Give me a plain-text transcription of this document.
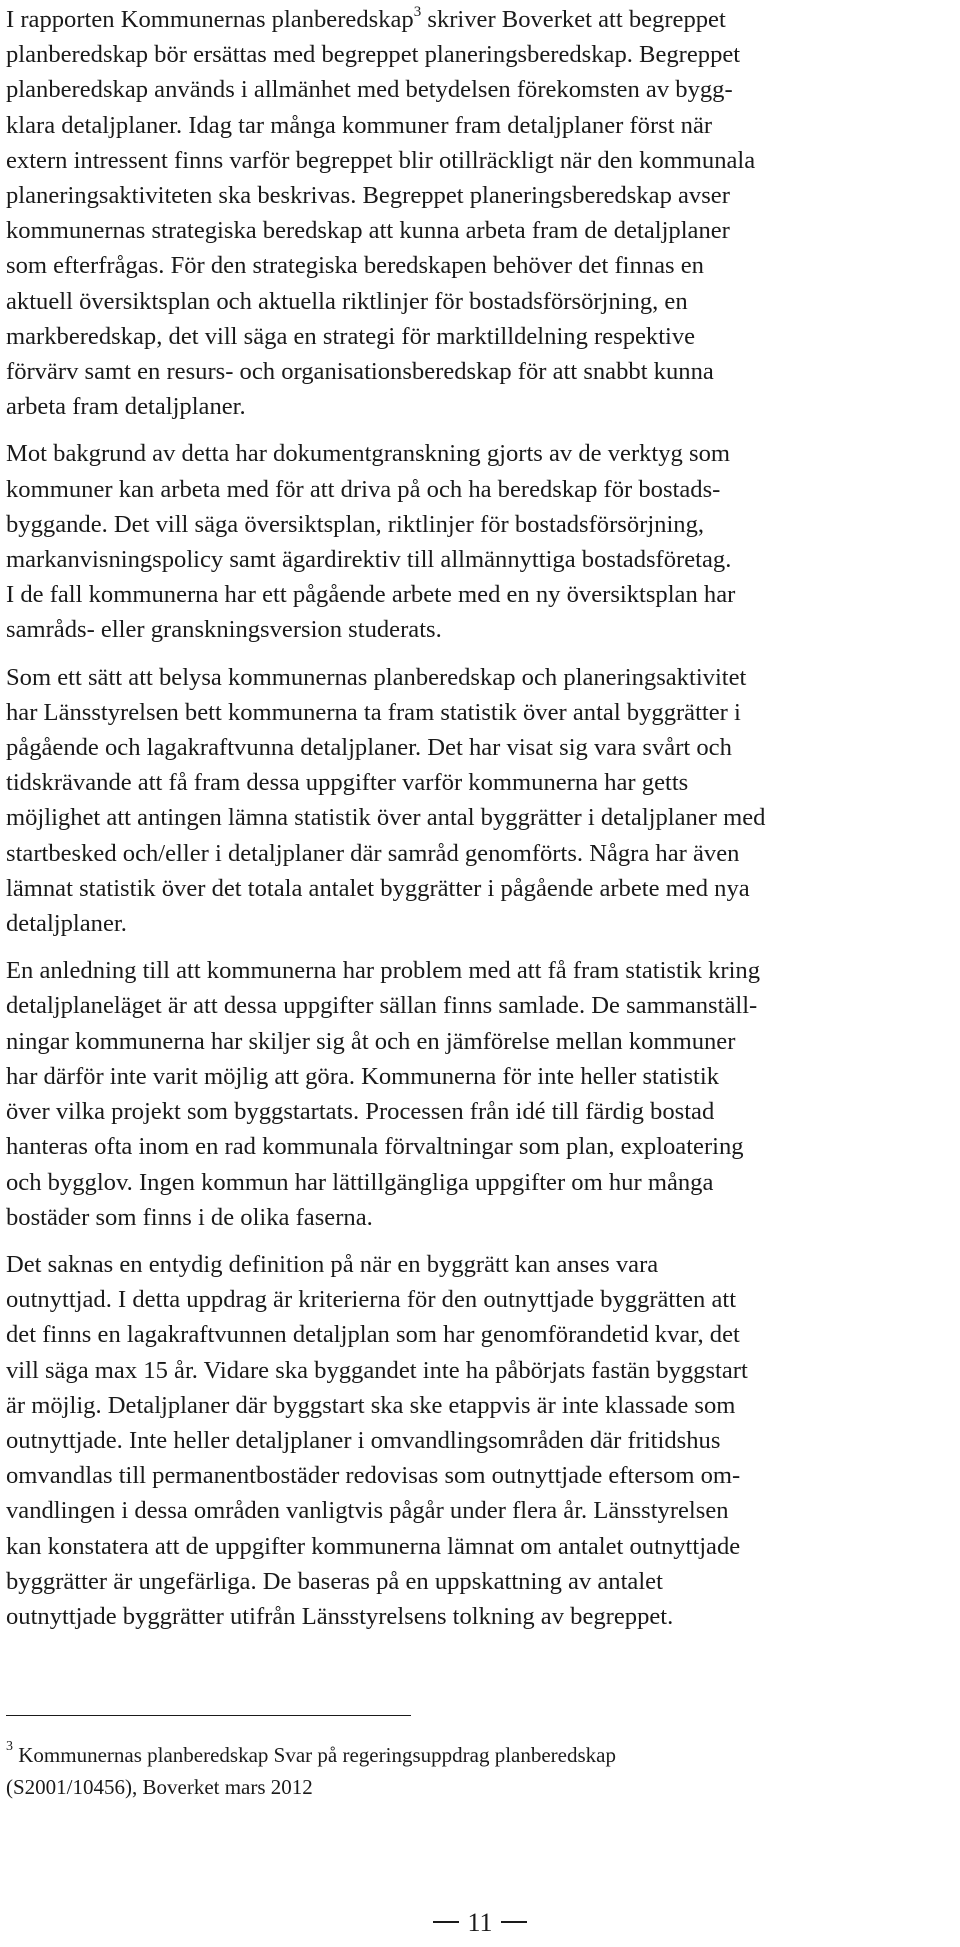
I rapporten Kommunernas planberedskap$^3$ skriver Boverket att begreppet
planberedskap bör ersättas med begreppet planeringsberedskap. Begreppet
planberedskap används i allmänhet med betydelsen förekomsten av bygg-
klara detaljplaner. Idag tar många kommuner fram detaljplaner först när
extern intressent finns varför begreppet blir otillräckligt när den kommunala
planeringsaktiviteten ska beskrivas. Begreppet planeringsberedskap avser
kommunernas strategiska beredskap att kunna arbeta fram de detaljplaner
som efterfrågas. För den strategiska beredskapen behöver det finnas en
aktuell översiktsplan och aktuella riktlinjer för bostadsförsörjning, en
markberedskap, det vill säga en strategi för marktilldelning respektive
förvärv samt en resurs- och organisationsberedskap för att snabbt kunna
arbeta fram detaljplaner.

Mot bakgrund av detta har dokumentgranskning gjorts av de verktyg som
kommuner kan arbeta med för att driva på och ha beredskap för bostads-
byggande. Det vill säga översiktsplan, riktlinjer för bostadsförsörjning,
markanvisningspolicy samt ägardirektiv till allmännyttiga bostadsföretag.
I de fall kommunerna har ett pågående arbete med en ny översiktsplan har
samråds- eller granskningsversion studerats.

Som ett sätt att belysa kommunernas planberedskap och planeringsaktivitet
har Länsstyrelsen bett kommunerna ta fram statistik över antal byggrätter i
pågående och lagakraftvunna detaljplaner. Det har visat sig vara svårt och
tidskrävande att få fram dessa uppgifter varför kommunerna har getts
möjlighet att antingen lämna statistik över antal byggrätter i detaljplaner med
startbesked och/eller i detaljplaner där samråd genomförts. Några har även
lämnat statistik över det totala antalet byggrätter i pågående arbete med nya
detaljplaner.

En anledning till att kommunerna har problem med att få fram statistik kring
detaljplaneläget är att dessa uppgifter sällan finns samlade. De sammanställ-
ningar kommunerna har skiljer sig åt och en jämförelse mellan kommuner
har därför inte varit möjlig att göra. Kommunerna för inte heller statistik
över vilka projekt som byggstartats. Processen från idé till färdig bostad
hanteras ofta inom en rad kommunala förvaltningar som plan, exploatering
och bygglov. Ingen kommun har lättillgängliga uppgifter om hur många
bostäder som finns i de olika faserna.

Det saknas en entydig definition på när en byggrätt kan anses vara
outnyttjad. I detta uppdrag är kriterierna för den outnyttjade byggrätten att
det finns en lagakraftvunnen detaljplan som har genomförandetid kvar, det
vill säga max 15 år. Vidare ska byggandet inte ha påbörjats fastän byggstart
är möjlig. Detaljplaner där byggstart ska ske etappvis är inte klassade som
outnyttjade. Inte heller detaljplaner i omvandlingsområden där fritidshus
omvandlas till permanentbostäder redovisas som outnyttjade eftersom om-
vandlingen i dessa områden vanligtvis pågår under flera år. Länsstyrelsen
kan konstatera att de uppgifter kommunerna lämnat om antalet outnyttjade
byggrätter är ungefärliga. De baseras på en uppskattning av antalet
outnyttjade byggrätter utifrån Länsstyrelsens tolkning av begreppet.

$^3$ Kommunernas planberedskap Svar på regeringsuppdrag planberedskap
(S2001/10456), Boverket mars 2012
11
